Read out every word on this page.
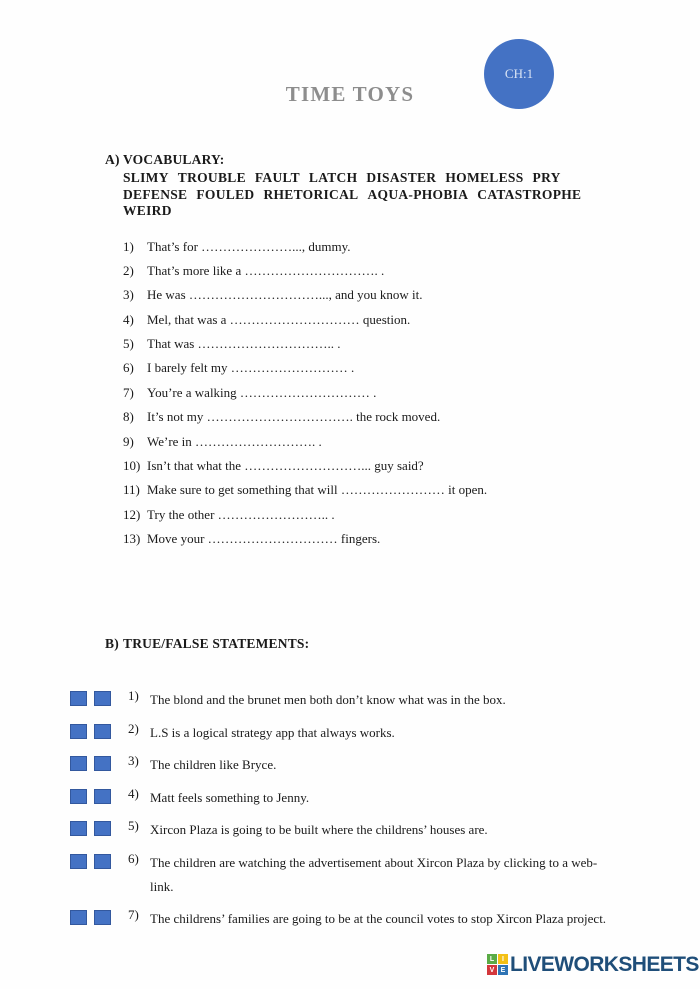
TIME TOYS
CH:1
A) VOCABULARY:
SLIMY TROUBLE FAULT LATCH DISASTER HOMELESS PRY
DEFENSE FOULED RHETORICAL AQUA-PHOBIA CATASTROPHE
WEIRD
1)	That’s for …………………..., dummy.
2)	That’s more like a …………………………. .
3)	He was …………………………..., and you know it.
4)	Mel, that was a ………………………… question.
5)	That was ………………………….. .
6)	I barely felt my ……………………… .
7)	You’re a walking ………………………… .
8)	It’s not my ……………………………. the rock moved.
9)	We’re in ………………………. .
10) Isn’t that what the ………………………... guy said?
11) Make sure to get something that will …………………… it open.
12) Try the other …………………….. .
13) Move your ………………………… fingers.
B) TRUE/FALSE STATEMENTS:
1) The blond and the brunet men both don’t know what was in the box.
2) L.S is a logical strategy app that always works.
3) The children like Bryce.
4) Matt feels something to Jenny.
5) Xircon Plaza is going to be built where the childrens’ houses are.
6) The children are watching the advertisement about Xircon Plaza by clicking to a web-link.
7) The childrens’ families are going to be at the council votes to stop Xircon Plaza project.
L	I
V E LIVEWORKSHEETS
